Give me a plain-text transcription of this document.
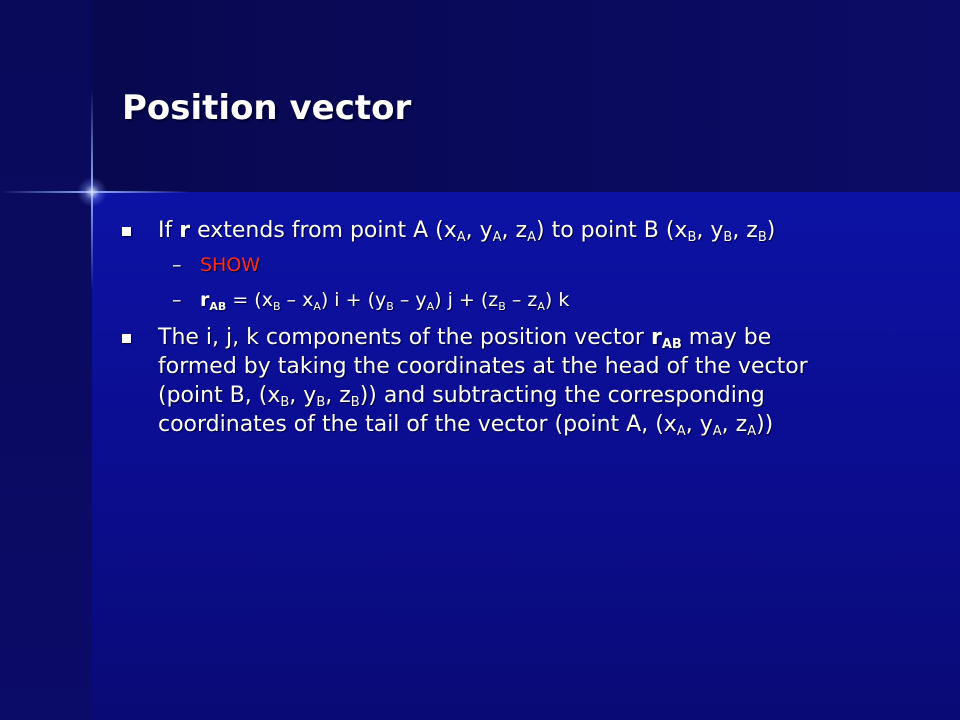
Position vector
If r extends from point A ($x_A$, $y_A$, $z_A$) to point B ($x_B$, $y_B$, $z_B$)
– SHOW
– $r_{AB} = (x_B - x_A) i + (y_B - y_A) j + (z_B - z_A)$ k
The i, j, k components of the position vector $r_{AB}$ may be formed by taking the coordinates at the head of the vector (point B, ($x_B$, $y_B$, $z_B$)) and subtracting the corresponding coordinates of the tail of the vector (point A, ($x_A$, $y_A$, $z_A$))
